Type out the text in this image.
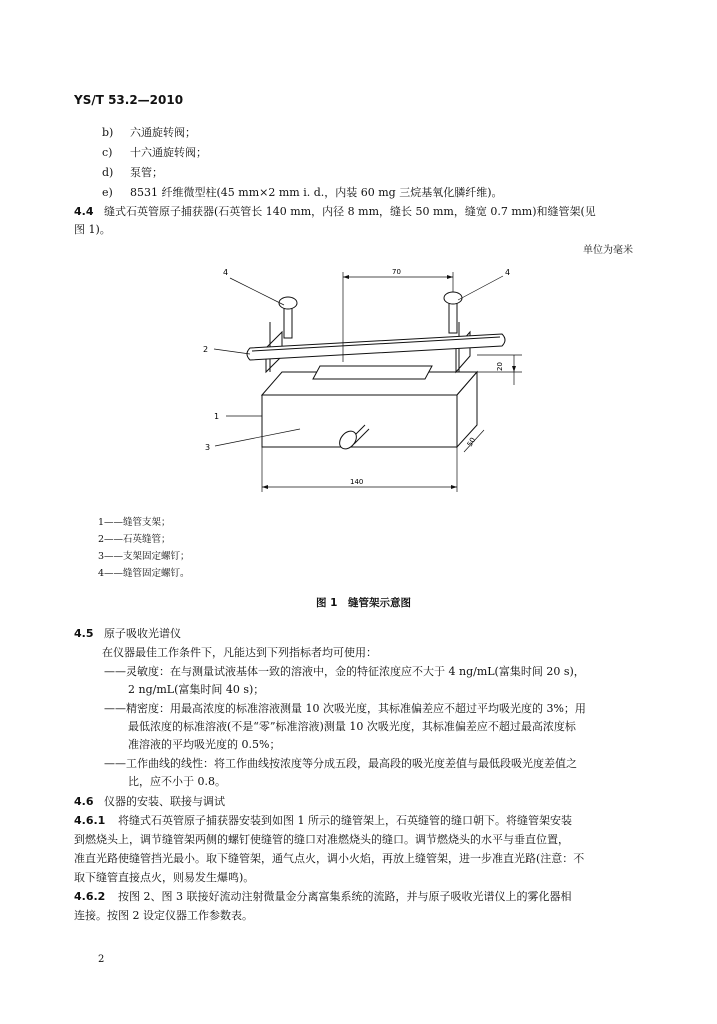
YS/T 53.2—2010
b) 六通旋转阀；
c) 十六通旋转阀；
d) 泵管；
e) 8531 纤维微型柱(45 mm×2 mm i. d.，内装 60 mg 三烷基氧化膦纤维)。
4.4 缝式石英管原子捕获器(石英管长 140 mm，内径 8 mm，缝长 50 mm，缝宽 0.7 mm)和缝管架(见
图 1)。
单位为毫米
4	4
2
1
3
70
20
50
140
1——缝管支架；
2——石英缝管；
3——支架固定螺钉；
4——缝管固定螺钉。
图 1　缝管架示意图
4.5 原子吸收光谱仪
在仪器最佳工作条件下，凡能达到下列指标者均可使用：
——灵敏度：在与测量试液基体一致的溶液中，金的特征浓度应不大于 4 ng/mL(富集时间 20 s)，
2 ng/mL(富集时间 40 s)；
——精密度：用最高浓度的标准溶液测量 10 次吸光度，其标准偏差应不超过平均吸光度的 3%；用
最低浓度的标准溶液(不是“零”标准溶液)测量 10 次吸光度，其标准偏差应不超过最高浓度标
准溶液的平均吸光度的 0.5%；
——工作曲线的线性：将工作曲线按浓度等分成五段，最高段的吸光度差值与最低段吸光度差值之
比，应不小于 0.8。
4.6 仪器的安装、联接与调试
4.6.1 将缝式石英管原子捕获器安装到如图 1 所示的缝管架上，石英缝管的缝口朝下。将缝管架安装
到燃烧头上，调节缝管架两侧的螺钉使缝管的缝口对准燃烧头的缝口。调节燃烧头的水平与垂直位置，
准直光路使缝管挡光最小。取下缝管架，通气点火，调小火焰，再放上缝管架，进一步准直光路(注意：不
取下缝管直接点火，则易发生爆鸣)。
4.6.2 按图 2、图 3 联接好流动注射微量金分离富集系统的流路，并与原子吸收光谱仪上的雾化器相
连接。按图 2 设定仪器工作参数表。
2
